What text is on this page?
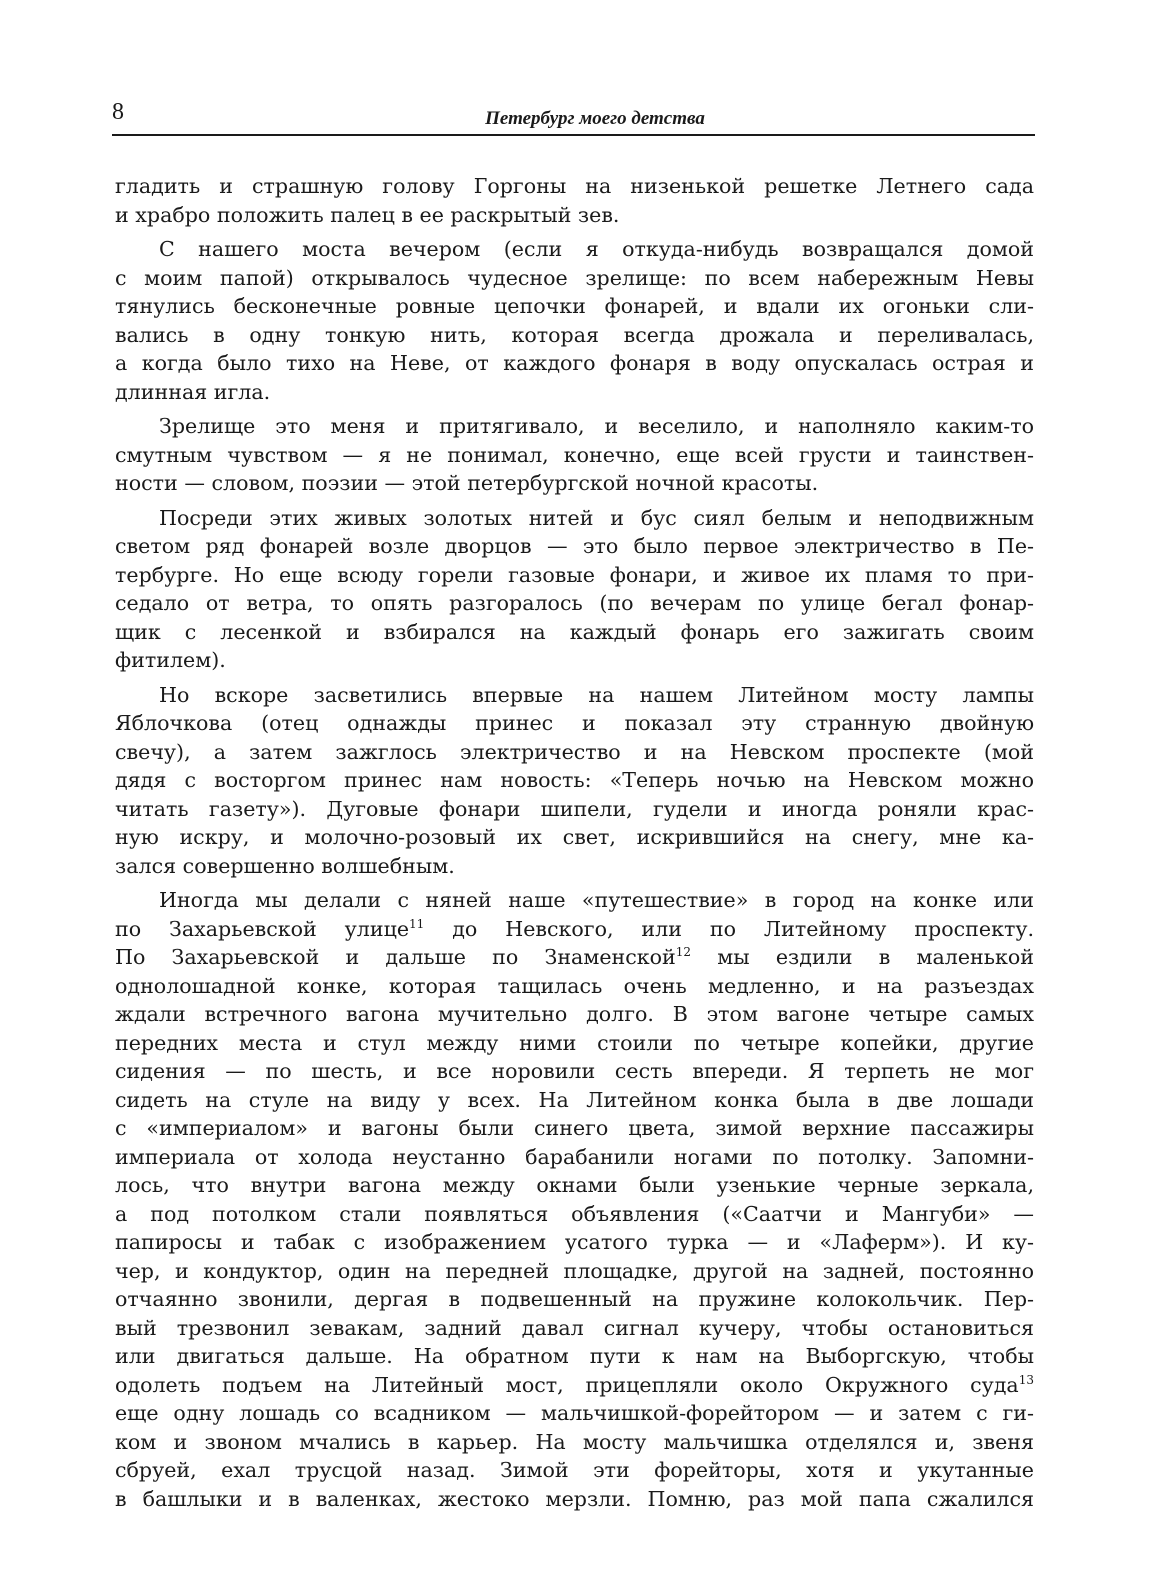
8	Петербург моего детства

гладить и страшную голову Горгоны на низенькой решетке Летнего сада
и храбро положить палец в ее раскрытый зев.

С нашего моста вечером (если я откуда-нибудь возвращался домой
с моим папой) открывалось чудесное зрелище: по всем набережным Невы
тянулись бесконечные ровные цепочки фонарей, и вдали их огоньки сли-
вались в одну тонкую нить, которая всегда дрожала и переливалась,
а когда было тихо на Неве, от каждого фонаря в воду опускалась острая и
длинная игла.

Зрелище это меня и притягивало, и веселило, и наполняло каким-то
смутным чувством — я не понимал, конечно, еще всей грусти и таинствен-
ности — словом, поэзии — этой петербургской ночной красоты.

Посреди этих живых золотых нитей и бус сиял белым и неподвижным
светом ряд фонарей возле дворцов — это было первое электричество в Пе-
тербурге. Но еще всюду горели газовые фонари, и живое их пламя то при-
седало от ветра, то опять разгоралось (по вечерам по улице бегал фонар-
щик с лесенкой и взбирался на каждый фонарь его зажигать своим
фитилем).

Но вскоре засветились впервые на нашем Литейном мосту лампы
Яблочкова (отец однажды принес и показал эту странную двойную
свечу), а затем зажглось электричество и на Невском проспекте (мой
дядя с восторгом принес нам новость: «Теперь ночью на Невском можно
читать газету»). Дуговые фонари шипели, гудели и иногда роняли крас-
ную искру, и молочно-розовый их свет, искрившийся на снегу, мне ка-
зался совершенно волшебным.

Иногда мы делали с няней наше «путешествие» в город на конке или
по Захарьевской улице$^{11}$ до Невского, или по Литейному проспекту.
По Захарьевской и дальше по Знаменской$^{12}$ мы ездили в маленькой
однолошадной конке, которая тащилась очень медленно, и на разъездах
ждали встречного вагона мучительно долго. В этом вагоне четыре самых
передних места и стул между ними стоили по четыре копейки, другие
сидения — по шесть, и все норовили сесть впереди. Я терпеть не мог
сидеть на стуле на виду у всех. На Литейном конка была в две лошади
с «империалом» и вагоны были синего цвета, зимой верхние пассажиры
империала от холода неустанно барабанили ногами по потолку. Запомни-
лось, что внутри вагона между окнами были узенькие черные зеркала,
а под потолком стали появляться объявления («Саатчи и Мангуби» —
папиросы и табак с изображением усатого турка — и «Лаферм»). И ку-
чер, и кондуктор, один на передней площадке, другой на задней, постоянно
отчаянно звонили, дергая в подвешенный на пружине колокольчик. Пер-
вый трезвонил зевакам, задний давал сигнал кучеру, чтобы остановиться
или двигаться дальше. На обратном пути к нам на Выборгскую, чтобы
одолеть подъем на Литейный мост, прицепляли около Окружного суда$^{13}$
еще одну лошадь со всадником — мальчишкой-форейтором — и затем с ги-
ком и звоном мчались в карьер. На мосту мальчишка отделялся и, звеня
сбруей, ехал трусцой назад. Зимой эти форейторы, хотя и укутанные
в башлыки и в валенках, жестоко мерзли. Помню, раз мой папа сжалился
